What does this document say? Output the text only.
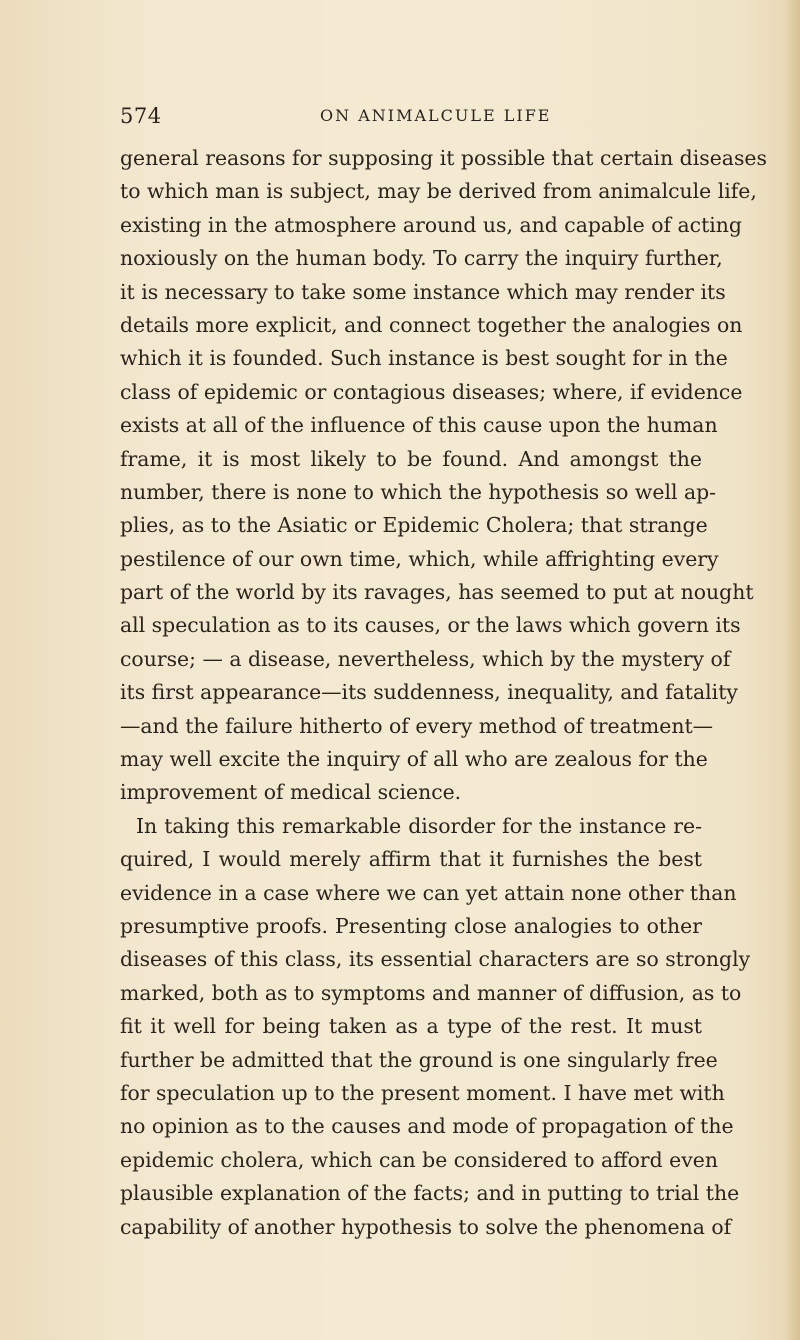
574	ON ANIMALCULE LIFE
general reasons for supposing it possible that certain diseases
to which man is subject, may be derived from animalcule life,
existing in the atmosphere around us, and capable of acting
noxiously on the human body. To carry the inquiry further,
it is necessary to take some instance which may render its
details more explicit, and connect together the analogies on
which it is founded. Such instance is best sought for in the
class of epidemic or contagious diseases; where, if evidence
exists at all of the influence of this cause upon the human
frame, it is most likely to be found. And amongst the
number, there is none to which the hypothesis so well ap-
plies, as to the Asiatic or Epidemic Cholera; that strange
pestilence of our own time, which, while affrighting every
part of the world by its ravages, has seemed to put at nought
all speculation as to its causes, or the laws which govern its
course; — a disease, nevertheless, which by the mystery of
its first appearance—its suddenness, inequality, and fatality
—and the failure hitherto of every method of treatment—
may well excite the inquiry of all who are zealous for the
improvement of medical science.
In taking this remarkable disorder for the instance re-
quired, I would merely affirm that it furnishes the best
evidence in a case where we can yet attain none other than
presumptive proofs. Presenting close analogies to other
diseases of this class, its essential characters are so strongly
marked, both as to symptoms and manner of diffusion, as to
fit it well for being taken as a type of the rest. It must
further be admitted that the ground is one singularly free
for speculation up to the present moment. I have met with
no opinion as to the causes and mode of propagation of the
epidemic cholera, which can be considered to afford even
plausible explanation of the facts; and in putting to trial the
capability of another hypothesis to solve the phenomena of
